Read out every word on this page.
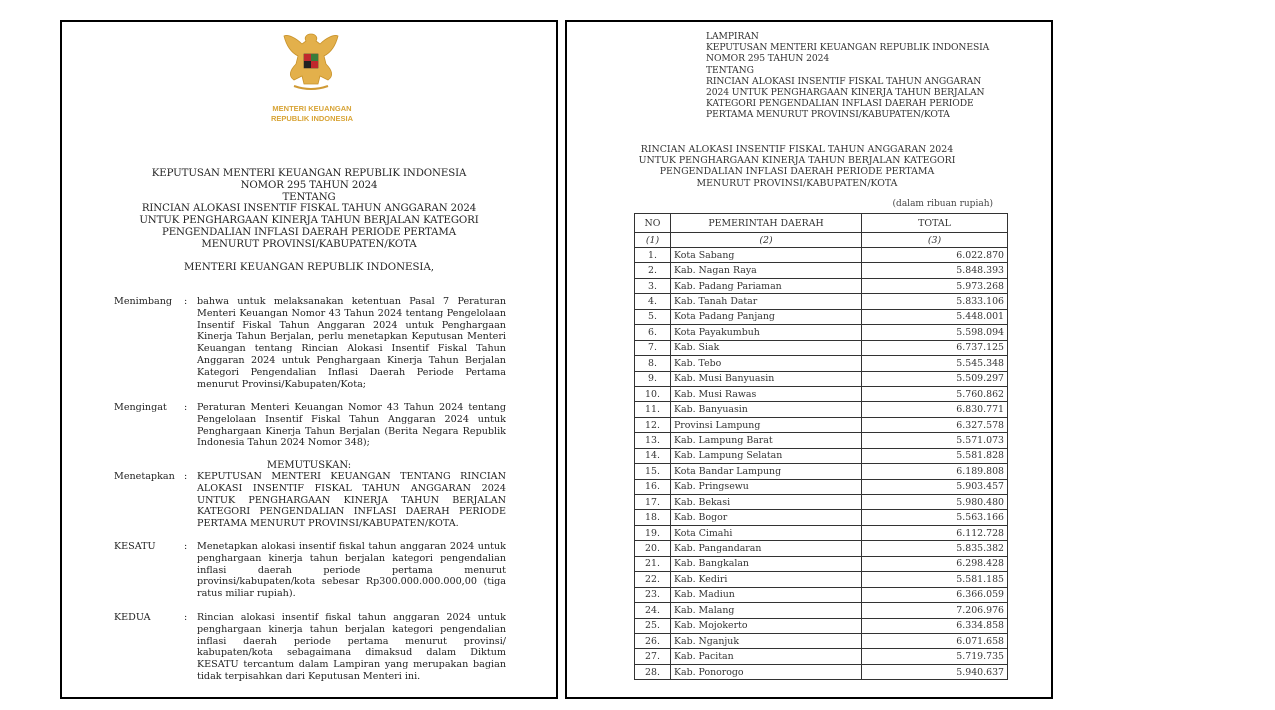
MENTERI KEUANGAN
REPUBLIK INDONESIA
KEPUTUSAN MENTERI KEUANGAN REPUBLIK INDONESIA
NOMOR 295 TAHUN 2024
TENTANG
RINCIAN ALOKASI INSENTIF FISKAL TAHUN ANGGARAN 2024
UNTUK PENGHARGAAN KINERJA TAHUN BERJALAN KATEGORI
PENGENDALIAN INFLASI DAERAH PERIODE PERTAMA
MENURUT PROVINSI/KABUPATEN/KOTA
MENTERI KEUANGAN REPUBLIK INDONESIA,
Menimbang	:	bahwa untuk melaksanakan ketentuan Pasal 7 Peraturan Menteri Keuangan Nomor 43 Tahun 2024 tentang Pengelolaan Insentif Fiskal Tahun Anggaran 2024 untuk Penghargaan Kinerja Tahun Berjalan, perlu menetapkan Keputusan Menteri Keuangan tentang Rincian Alokasi Insentif Fiskal Tahun Anggaran 2024 untuk Penghargaan Kinerja Tahun Berjalan Kategori Pengendalian Inflasi Daerah Periode Pertama menurut Provinsi/Kabupaten/Kota;
Mengingat	:	Peraturan Menteri Keuangan Nomor 43 Tahun 2024 tentang Pengelolaan Insentif Fiskal Tahun Anggaran 2024 untuk Penghargaan Kinerja Tahun Berjalan (Berita Negara Republik Indonesia Tahun 2024 Nomor 348);
MEMUTUSKAN:
Menetapkan :	KEPUTUSAN MENTERI KEUANGAN TENTANG RINCIAN ALOKASI INSENTIF FISKAL TAHUN ANGGARAN 2024 UNTUK PENGHARGAAN KINERJA TAHUN BERJALAN KATEGORI PENGENDALIAN INFLASI DAERAH PERIODE PERTAMA MENURUT PROVINSI/KABUPATEN/KOTA.
KESATU	:	Menetapkan alokasi insentif fiskal tahun anggaran 2024 untuk penghargaan kinerja tahun berjalan kategori pengendalian inflasi daerah periode pertama menurut provinsi/kabupaten/kota sebesar Rp300.000.000.000,00 (tiga ratus miliar rupiah).
KEDUA	:	Rincian alokasi insentif fiskal tahun anggaran 2024 untuk penghargaan kinerja tahun berjalan kategori pengendalian inflasi daerah periode pertama menurut provinsi/ kabupaten/kota sebagaimana dimaksud dalam Diktum KESATU tercantum dalam Lampiran yang merupakan bagian tidak terpisahkan dari Keputusan Menteri ini.
LAMPIRAN
KEPUTUSAN MENTERI KEUANGAN REPUBLIK INDONESIA
NOMOR 295 TAHUN 2024
TENTANG
RINCIAN ALOKASI INSENTIF FISKAL TAHUN ANGGARAN
2024 UNTUK PENGHARGAAN KINERJA TAHUN BERJALAN
KATEGORI PENGENDALIAN INFLASI DAERAH PERIODE
PERTAMA MENURUT PROVINSI/KABUPATEN/KOTA
RINCIAN ALOKASI INSENTIF FISKAL TAHUN ANGGARAN 2024
UNTUK PENGHARGAAN KINERJA TAHUN BERJALAN KATEGORI
PENGENDALIAN INFLASI DAERAH PERIODE PERTAMA
MENURUT PROVINSI/KABUPATEN/KOTA
(dalam ribuan rupiah)
NO	PEMERINTAH DAERAH	TOTAL
(1)	(2)	(3)
1.	Kota Sabang	6.022.870
2.	Kab. Nagan Raya	5.848.393
3.	Kab. Padang Pariaman	5.973.268
4.	Kab. Tanah Datar	5.833.106
5.	Kota Padang Panjang	5.448.001
6.	Kota Payakumbuh	5.598.094
7.	Kab. Siak	6.737.125
8.	Kab. Tebo	5.545.348
9.	Kab. Musi Banyuasin	5.509.297
10.	Kab. Musi Rawas	5.760.862
11.	Kab. Banyuasin	6.830.771
12.	Provinsi Lampung	6.327.578
13.	Kab. Lampung Barat	5.571.073
14.	Kab. Lampung Selatan	5.581.828
15.	Kota Bandar Lampung	6.189.808
16.	Kab. Pringsewu	5.903.457
17.	Kab. Bekasi	5.980.480
18.	Kab. Bogor	5.563.166
19.	Kota Cimahi	6.112.728
20.	Kab. Pangandaran	5.835.382
21.	Kab. Bangkalan	6.298.428
22.	Kab. Kediri	5.581.185
23.	Kab. Madiun	6.366.059
24.	Kab. Malang	7.206.976
25.	Kab. Mojokerto	6.334.858
26.	Kab. Nganjuk	6.071.658
27.	Kab. Pacitan	5.719.735
28.	Kab. Ponorogo	5.940.637
